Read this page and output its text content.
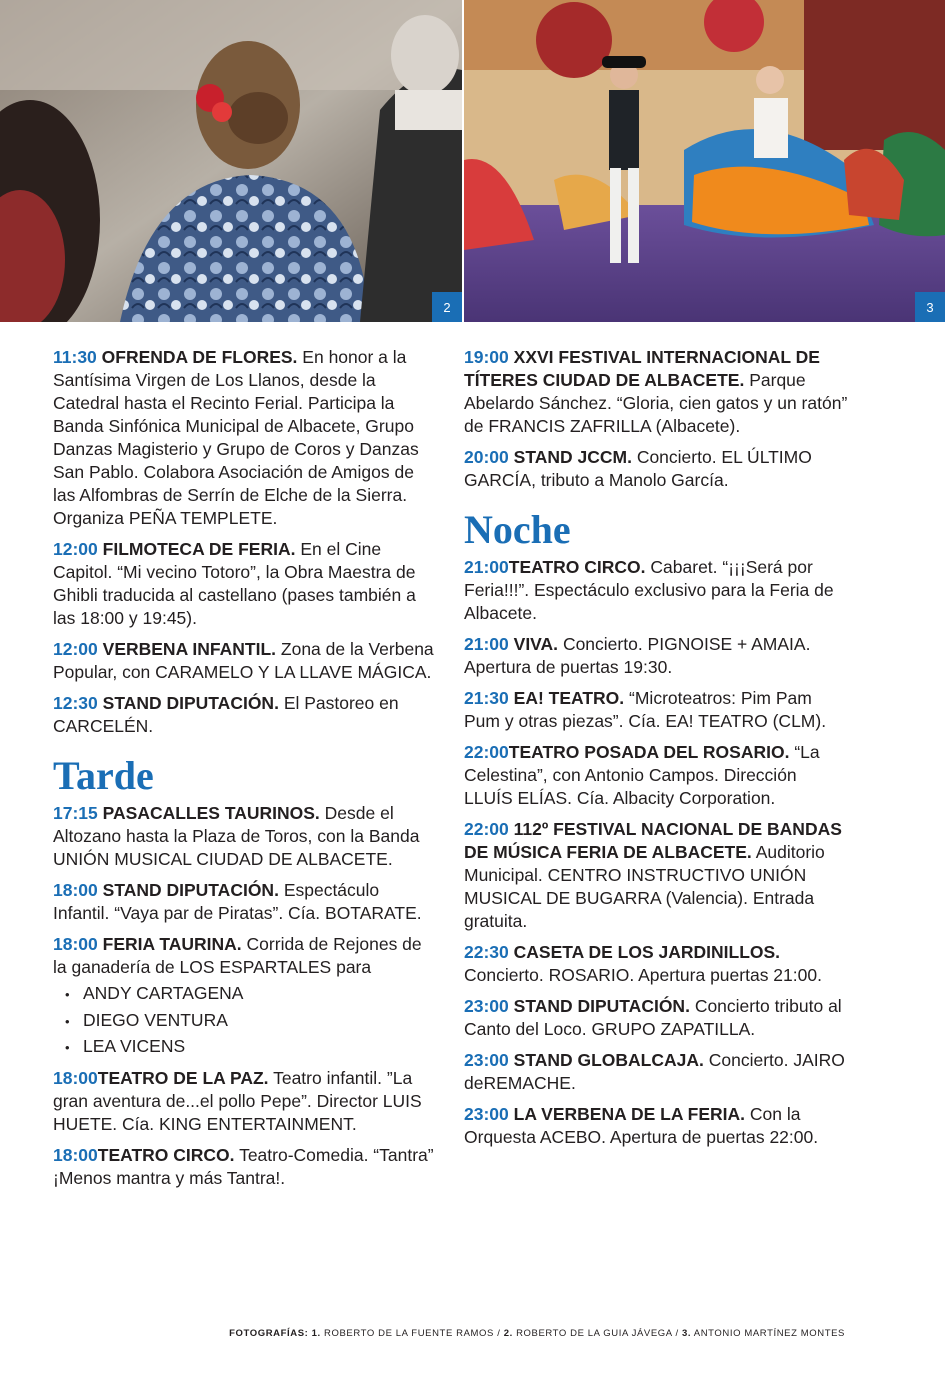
2	3

11:30 OFRENDA DE FLORES. En honor a la Santísima Virgen de Los Llanos, desde la Catedral hasta el Recinto Ferial. Participa la Banda Sinfónica Municipal de Albacete, Grupo Danzas Magisterio y Grupo de Coros y Danzas San Pablo. Colabora Asociación de Amigos de las Alfombras de Serrín de Elche de la Sierra. Organiza PEÑA TEMPLETE.

12:00 FILMOTECA DE FERIA. En el Cine Capitol. “Mi vecino Totoro”, la Obra Maestra de Ghibli traducida al castellano (pases también a las 18:00 y 19:45).

12:00 VERBENA INFANTIL. Zona de la Verbena Popular, con CARAMELO Y LA LLAVE MÁGICA.

12:30 STAND DIPUTACIÓN. El Pastoreo en CARCELÉN.

Tarde

17:15 PASACALLES TAURINOS. Desde el Altozano hasta la Plaza de Toros, con la Banda UNIÓN MUSICAL CIUDAD DE ALBACETE.

18:00 STAND DIPUTACIÓN. Espectáculo Infantil. “Vaya par de Piratas”. Cía. BOTARATE.

18:00 FERIA TAURINA. Corrida de Rejones de la ganadería de LOS ESPARTALES para

• ANDY CARTAGENA
• DIEGO VENTURA
• LEA VICENS

18:00TEATRO DE LA PAZ. Teatro infantil. ”La gran aventura de...el pollo Pepe”. Director LUIS HUETE. Cía. KING ENTERTAINMENT.

18:00TEATRO CIRCO. Teatro-Comedia. “Tantra” ¡Menos mantra y más Tantra!.

19:00 XXVI FESTIVAL INTERNACIONAL DE TÍTERES CIUDAD DE ALBACETE. Parque Abelardo Sánchez. “Gloria, cien gatos y un ratón” de FRANCIS ZAFRILLA (Albacete).

20:00 STAND JCCM. Concierto. EL ÚLTIMO GARCÍA, tributo a Manolo García.

Noche

21:00TEATRO CIRCO. Cabaret. “¡¡¡Será por Feria!!!”. Espectáculo exclusivo para la Feria de Albacete.

21:00 VIVA. Concierto. PIGNOISE + AMAIA. Apertura de puertas 19:30.

21:30 EA! TEATRO. “Microteatros: Pim Pam Pum y otras piezas”. Cía. EA! TEATRO (CLM).

22:00TEATRO POSADA DEL ROSARIO. “La Celestina”, con Antonio Campos. Dirección LLUÍS ELÍAS. Cía. Albacity Corporation.

22:00 112º FESTIVAL NACIONAL DE BANDAS DE MÚSICA FERIA DE ALBACETE. Auditorio Municipal. CENTRO INSTRUCTIVO UNIÓN MUSICAL DE BUGARRA (Valencia). Entrada gratuita.

22:30 CASETA DE LOS JARDINILLOS. Concierto. ROSARIO. Apertura puertas 21:00.

23:00 STAND DIPUTACIÓN. Concierto tributo al Canto del Loco. GRUPO ZAPATILLA.

23:00 STAND GLOBALCAJA. Concierto. JAIRO deREMACHE.

23:00 LA VERBENA DE LA FERIA. Con la Orquesta ACEBO. Apertura de puertas 22:00.

FOTOGRAFÍAS: 1. ROBERTO DE LA FUENTE RAMOS / 2. ROBERTO DE LA GUIA JÁVEGA / 3. ANTONIO MARTÍNEZ MONTES
